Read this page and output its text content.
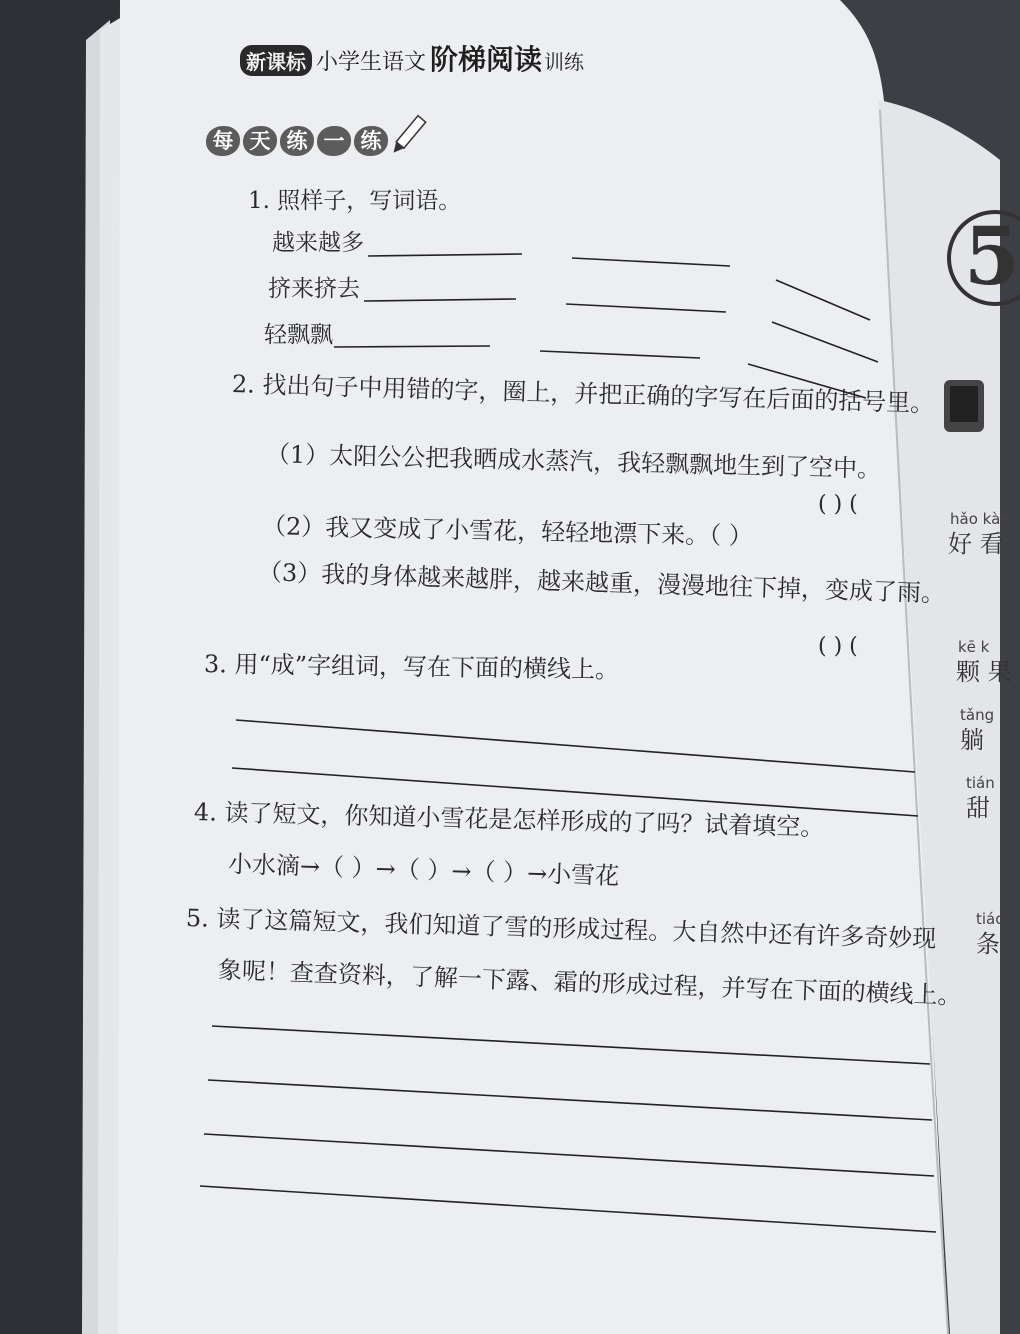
新课标 小学生语文 阶梯阅读 训练
每 天 练 一 练
1. 照样子，写词语。
越来越多
挤来挤去
轻飘飘
2. 找出句子中用错的字，圈上，并把正确的字写在后面的括号里。
（1）太阳公公把我晒成水蒸汽，我轻飘飘地生到了空中。
( ) (
（2）我又变成了小雪花，轻轻地漂下来。（ ）
（3）我的身体越来越胖，越来越重，漫漫地往下掉，变成了雨。
( ) (
3. 用“成”字组词，写在下面的横线上。
4. 读了短文，你知道小雪花是怎样形成的了吗？试着填空。
小水滴→（ ）→（ ）→（ ）→小雪花
5. 读了这篇短文，我们知道了雪的形成过程。大自然中还有许多奇妙现
象呢！查查资料，了解一下露、霜的形成过程，并写在下面的横线上。
5
hǎo kàn
好 看
kē k
颗 果
tǎng
躺
tián
甜
tiáo
条
